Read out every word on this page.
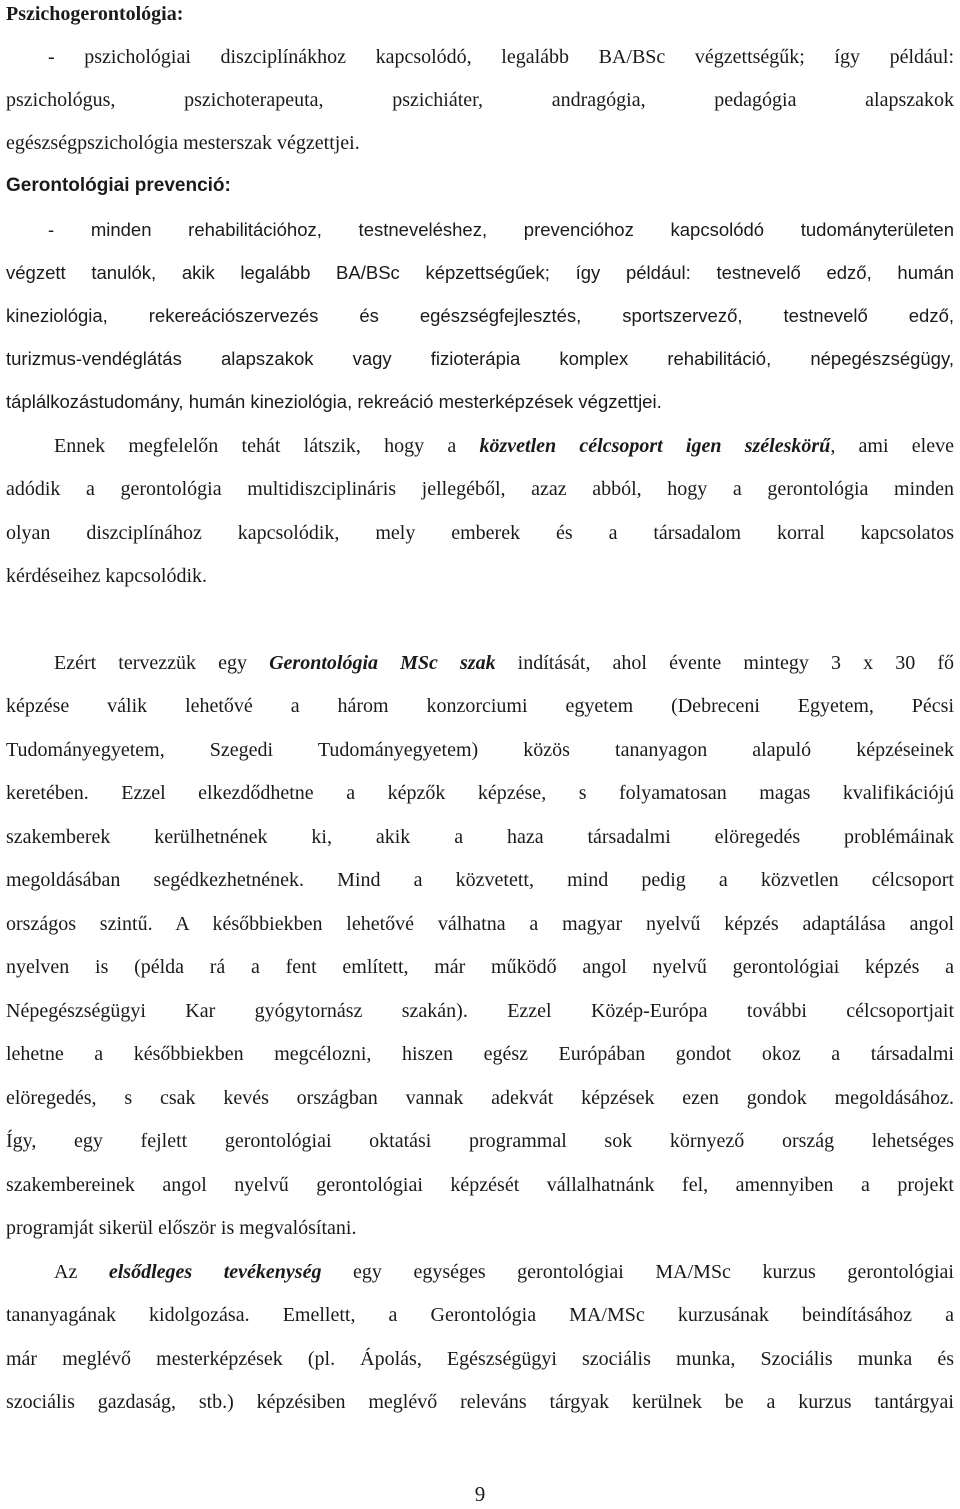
Pszichogerontológia:
- pszichológiai diszciplínákhoz kapcsolódó, legalább BA/BSc végzettségűk; így például:
pszichológus, pszichoterapeuta, pszichiáter, andragógia, pedagógia alapszakok
egészségpszichológia mesterszak végzettjei.
Gerontológiai prevenció:
- minden rehabilitációhoz, testneveléshez, prevencióhoz kapcsolódó tudományterületen
végzett tanulók, akik legalább BA/BSc képzettségűek; így például: testnevelő edző, humán
kineziológia, rekereációszervezés és egészségfejlesztés, sportszervező, testnevelő edző,
turizmus-vendéglátás alapszakok vagy fizioterápia komplex rehabilitáció, népegészségügy,
táplálkozástudomány, humán kineziológia, rekreáció mesterképzések végzettjei.
Ennek megfelelőn tehát látszik, hogy a közvetlen célcsoport igen széleskörű, ami eleve
adódik a gerontológia multidiszciplináris jellegéből, azaz abból, hogy a gerontológia minden
olyan diszciplínához kapcsolódik, mely emberek és a társadalom korral kapcsolatos
kérdéseihez kapcsolódik.
Ezért tervezzük egy Gerontológia MSc szak indítását, ahol évente mintegy 3 x 30 fő
képzése válik lehetővé a három konzorciumi egyetem (Debreceni Egyetem, Pécsi
Tudományegyetem, Szegedi Tudományegyetem) közös tananyagon alapuló képzéseinek
keretében. Ezzel elkezdődhetne a képzők képzése, s folyamatosan magas kvalifikációjú
szakemberek kerülhetnének ki, akik a haza társadalmi elöregedés problémáinak
megoldásában segédkezhetnének. Mind a közvetett, mind pedig a közvetlen célcsoport
országos szintű. A későbbiekben lehetővé válhatna a magyar nyelvű képzés adaptálása angol
nyelven is (példa rá a fent említett, már működő angol nyelvű gerontológiai képzés a
Népegészségügyi Kar gyógytornász szakán). Ezzel Közép-Európa további célcsoportjait
lehetne a későbbiekben megcélozni, hiszen egész Európában gondot okoz a társadalmi
elöregedés, s csak kevés országban vannak adekvát képzések ezen gondok megoldásához.
Így, egy fejlett gerontológiai oktatási programmal sok környező ország lehetséges
szakembereinek angol nyelvű gerontológiai képzését vállalhatnánk fel, amennyiben a projekt
programját sikerül először is megvalósítani.
Az elsődleges tevékenység egy egységes gerontológiai MA/MSc kurzus gerontológiai
tananyagának kidolgozása. Emellett, a Gerontológia MA/MSc kurzusának beindításához a
már meglévő mesterképzések (pl. Ápolás, Egészségügyi szociális munka, Szociális munka és
szociális gazdaság, stb.) képzésiben meglévő releváns tárgyak kerülnek be a kurzus tantárgyai
9
